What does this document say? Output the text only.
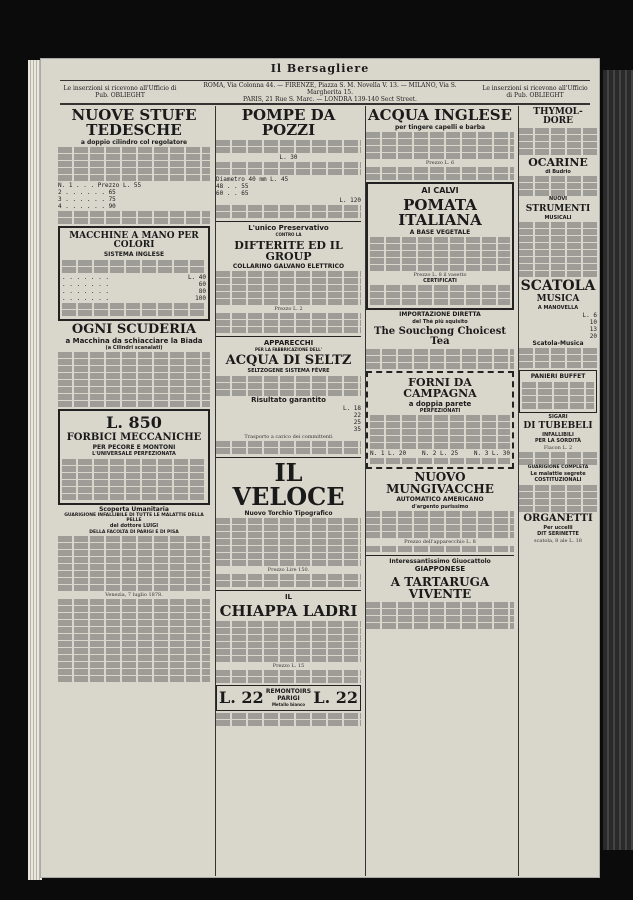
Il Bersagliere
Le inserzioni si ricevono all'Ufficio di Pub. OBLIEGHT
ROMA, Via Colonna 44. — FIRENZE, Piazza S. M. Novella V. 13. — MILANO, Via S. Margherita 15.
PARIS, 21 Rue S. Marc. — LONDRA 139-140 Sect Street.
Le inserzioni si ricevono all'Ufficio di Pub. OBLIEGHT
NUOVE STUFE TEDESCHE
a doppio cilindro col regolatore
N. 1 . . . Prezzo L. 55
2 . . . . . . 65
3 . . . . . . 75
4 . . . . . . 90
MACCHINE A MANO PER COLORI
SISTEMA INGLESE
. . . . . . .	L. 40
. . . . . . .	60
. . . . . . .	80
. . . . . . .	100
OGNI SCUDERIA
a Macchina da schiacciare la Biada
(a Cilindri scanalati)
L. 850
FORBICI MECCANICHE
PER PECORE E MONTONI
L'UNIVERSALE PERFEZIONATA
Scoperta Umanitaria
GUARIGIONE INFALLIBILE DI TUTTE LE MALATTIE DELLA PELLE
del dottore LUIGI
DELLA FACOLTA DI PARIGI E DI PISA
Venezia, 7 luglio 1878.
POMPE DA POZZI
L. 30
Diametro 40 mm L. 45
48 . . 55
60 . . 65
L. 120
L'unico Preservativo
CONTRO LA
DIFTERITE ED IL GROUP
COLLARINO GALVANO ELETTRICO
Prezzo L. 2
APPARECCHI
PER LA FABBRICAZIONE DELL'
ACQUA DI SELTZ
SELTZOGENE SISTEMA FÉVRE
Risultato garantito
L. 18
22
25
35
Trasporto a carico dei committenti
IL VELOCE
Nuovo Torchio Tipografico
Prezzo Lire 150.
IL
CHIAPPA LADRI
Prezzo L. 15
L. 22 REMONTOIRS
PARIGI
Metallo bianco L. 22
ACQUA INGLESE
per tingere capelli e barba
Prezzo L. 6
AI CALVI
POMATA ITALIANA
A BASE VEGETALE
Prezzo L. 8 il vasetto
CERTIFICATI
IMPORTAZIONE DIRETTA
del Thè più squisito
The Souchong Choicest Tea
FORNI DA CAMPAGNA
a doppia parete
PERFEZIONATI
N. 1 L. 20	N. 2 L. 25	N. 3 L. 30
NUOVO MUNGIVACCHE
AUTOMATICO AMERICANO
d'argento purissimo
Prezzo dell'apparecchio L. 8
Interessantissimo Giuocattolo
GIAPPONESE
A TARTARUGA VIVENTE
THYMOL-DORE
OCARINE
di Budrio
NUOVI
STRUMENTI
MUSICALI
SCATOLA
MUSICA
A MANOVELLA
L. 6
10
13
20
Scatola-Musica
PANIERI BUFFET
SIGARI
DI TUBEBELI
INFALLIBILI
PER LA SORDITÀ
Flacon L. 2
GUARIGIONE COMPLETA
Le malattie segrete
COSTITUZIONALI
ORGANETTI
Per uccelli
DIT SERINETTE
scatola, 8 ale L. 18
